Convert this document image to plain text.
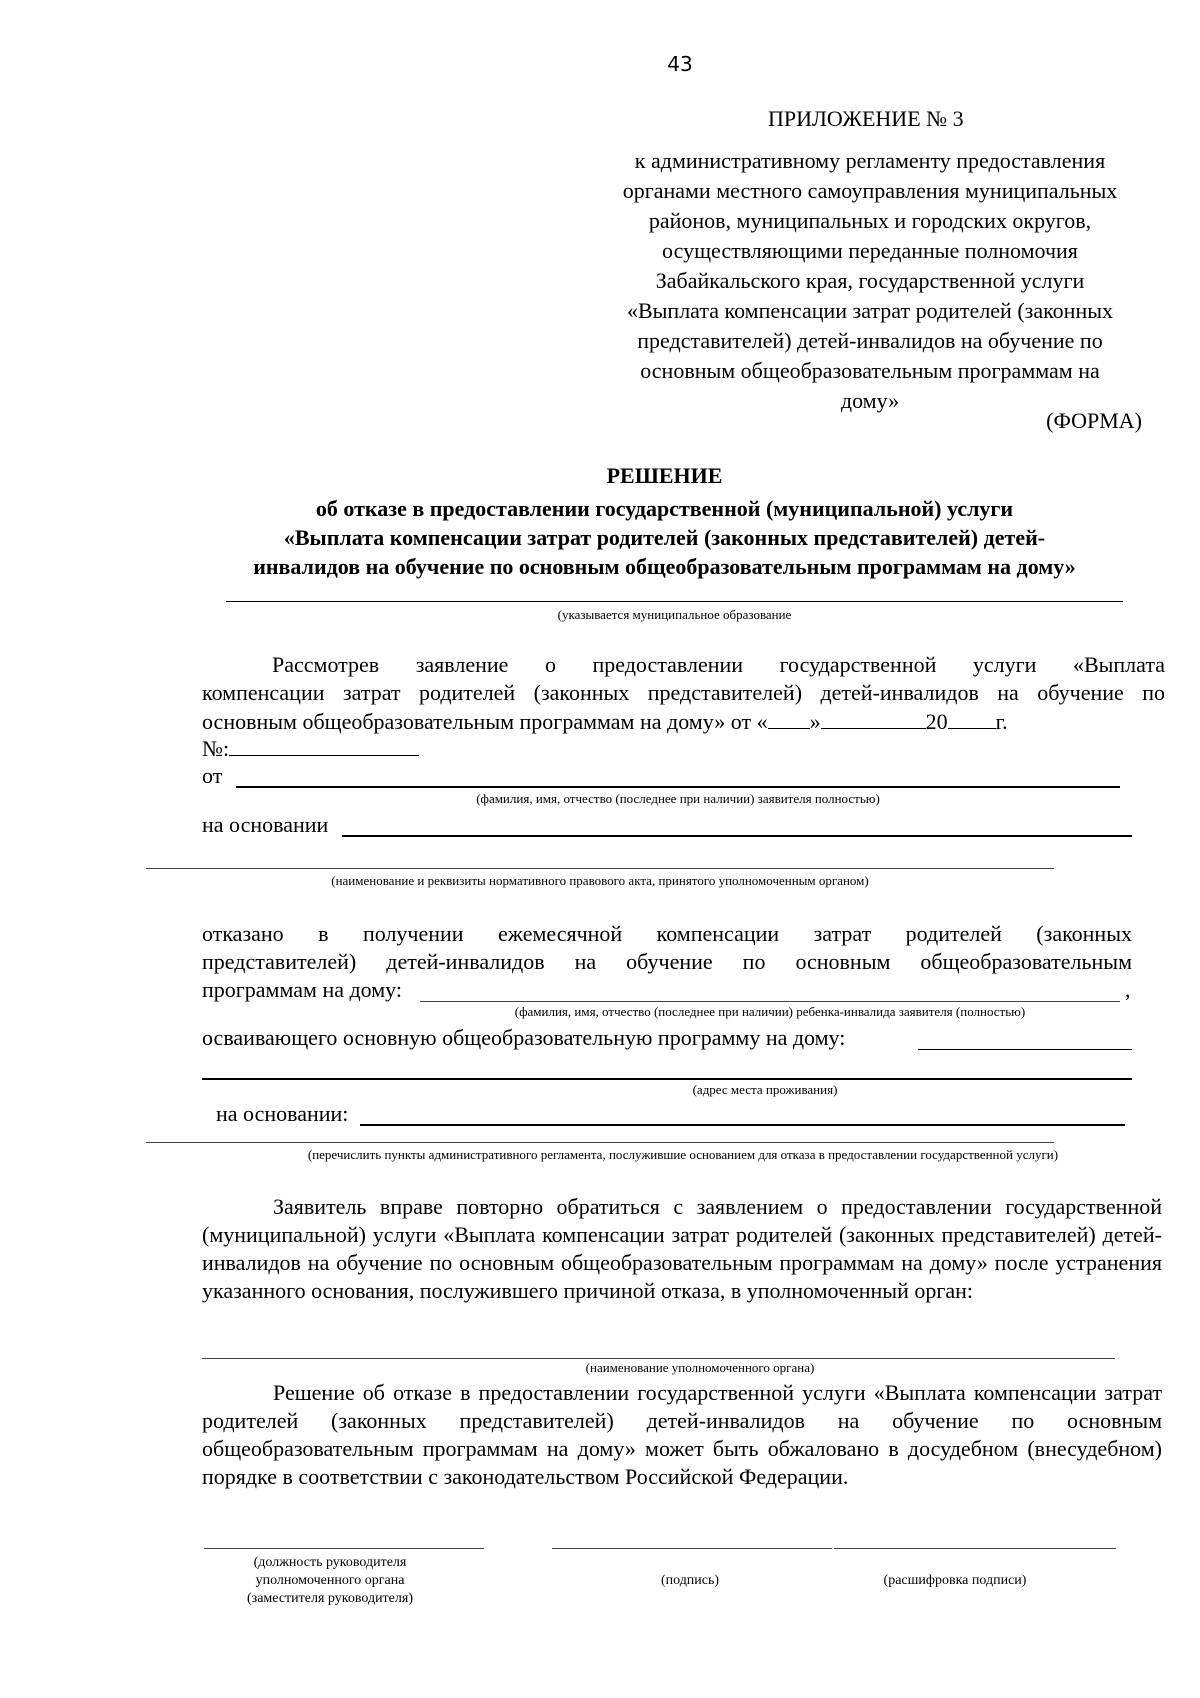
43
ПРИЛОЖЕНИЕ № 3
к административному регламенту предоставления
органами местного самоуправления муниципальных
районов, муниципальных и городских округов,
осуществляющими переданные полномочия
Забайкальского края, государственной услуги
«Выплата компенсации затрат родителей (законных
представителей) детей-инвалидов на обучение по
основным общеобразовательным программам на
дому»
(ФОРМА)
РЕШЕНИЕ
об отказе в предоставлении государственной (муниципальной) услуги
«Выплата компенсации затрат родителей (законных представителей) детей-
инвалидов на обучение по основным общеобразовательным программам на дому»
(указывается муниципальное образование
Рассмотрев заявление о предоставлении государственной услуги «Выплата
компенсации затрат родителей (законных представителей) детей-инвалидов на обучение по
основным общеобразовательным программам на дому» от « »	20 г.
№:
от
(фамилия, имя, отчество (последнее при наличии) заявителя полностью)
на основании
(наименование и реквизиты нормативного правового акта, принятого уполномоченным органом)
отказано в получении ежемесячной компенсации затрат родителей (законных
представителей) детей-инвалидов на обучение по основным общеобразовательным
программам на дому:	,
(фамилия, имя, отчество (последнее при наличии) ребенка-инвалида заявителя (полностью)
осваивающего основную общеобразовательную программу на дому:
(адрес места проживания)
на основании:
(перечислить пункты административного регламента, послужившие основанием для отказа в предоставлении государственной услуги)
Заявитель вправе повторно обратиться с заявлением о предоставлении государственной (муниципальной) услуги «Выплата компенсации затрат родителей (законных представителей) детей-инвалидов на обучение по основным общеобразовательным программам на дому» после устранения указанного основания, послужившего причиной отказа, в уполномоченный орган:
(наименование уполномоченного органа)
Решение об отказе в предоставлении государственной услуги «Выплата компенсации затрат родителей (законных представителей) детей-инвалидов на обучение по основным общеобразовательным программам на дому» может быть обжаловано в досудебном (внесудебном) порядке в соответствии с законодательством Российской Федерации.
(должность руководителя
уполномоченного органа
(заместителя руководителя)
(подпись)	(расшифровка подписи)
